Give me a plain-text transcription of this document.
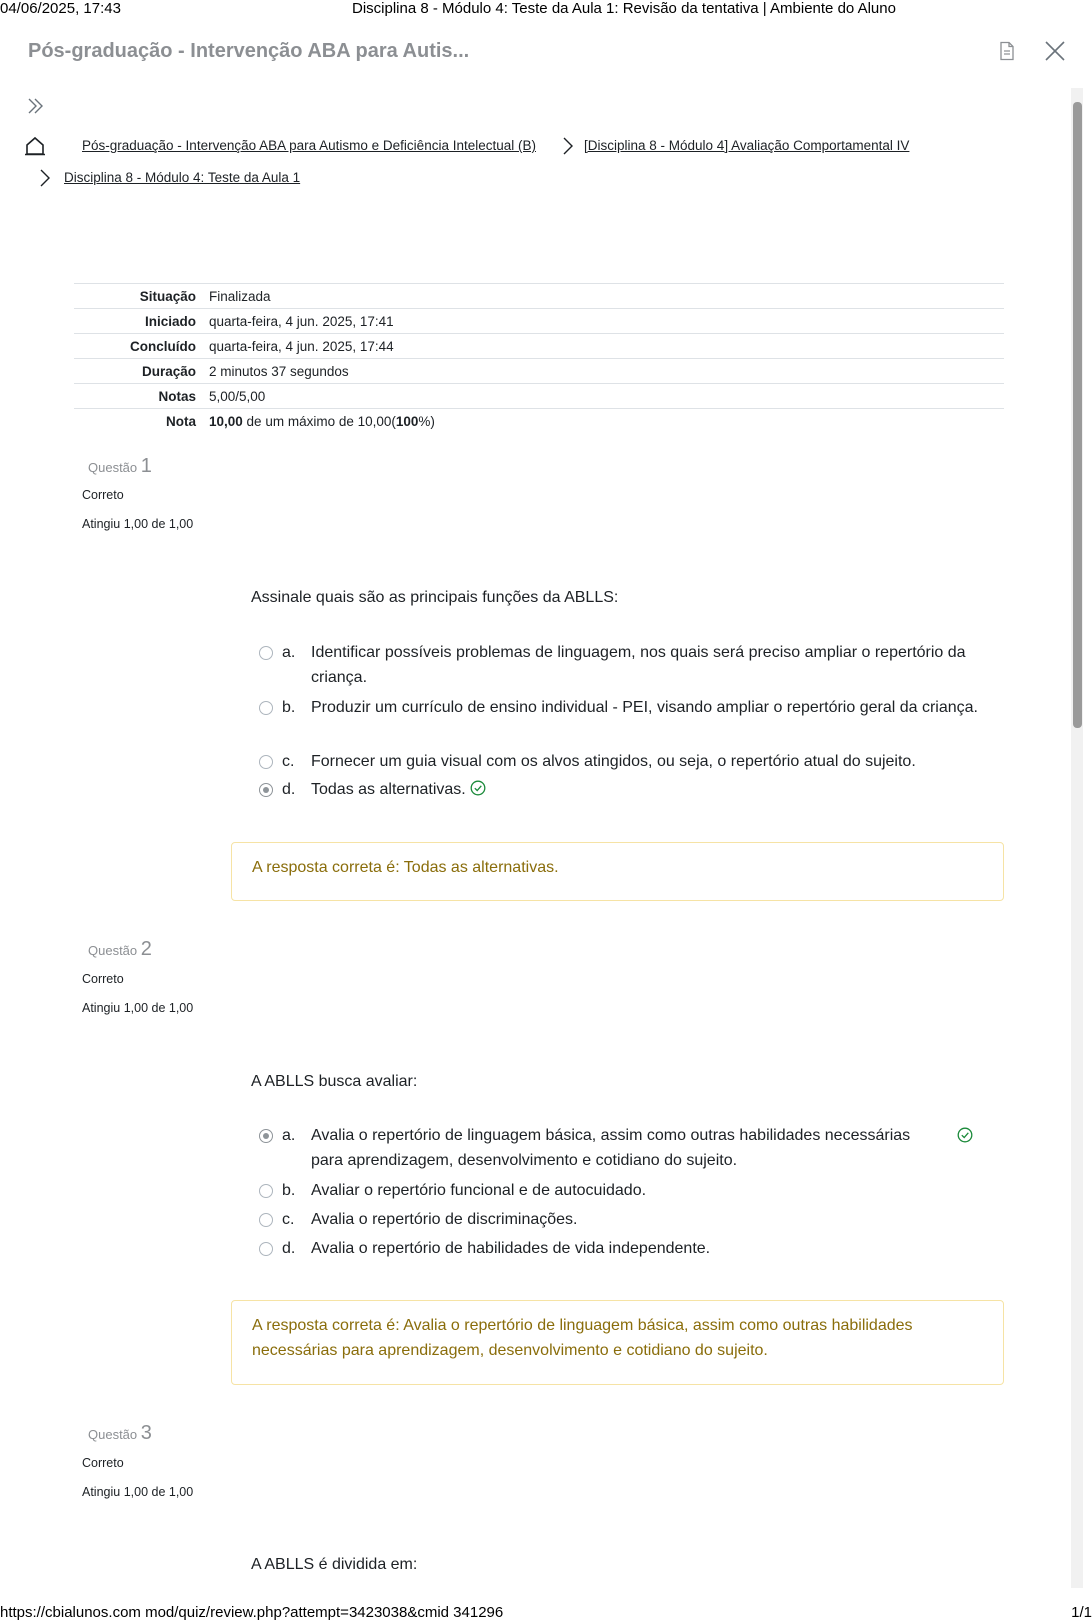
04/06/2025, 17:43	Disciplina 8 - Módulo 4: Teste da Aula 1: Revisão da tentativa | Ambiente do Aluno
https://cbialunos.com mod/quiz/review.php?attempt=3423038&cmid 341296	1/1
Pós-graduação - Intervenção ABA para Autis...
Pós-graduação - Intervenção ABA para Autismo e Deficiência Intelectual (B)	[Disciplina 8 - Módulo 4] Avaliação Comportamental IV
Disciplina 8 - Módulo 4: Teste da Aula 1
Situação	Finalizada
Iniciado	quarta-feira, 4 jun. 2025, 17:41
Concluído	quarta-feira, 4 jun. 2025, 17:44
Duração	2 minutos 37 segundos
Notas	5,00/5,00
Nota	10,00 de um máximo de 10,00(100%)
Questão 1
Correto
Atingiu 1,00 de 1,00
Assinale quais são as principais funções da ABLLS:
a. Identificar possíveis problemas de linguagem, nos quais será preciso ampliar o repertório da criança.
b. Produzir um currículo de ensino individual - PEI, visando ampliar o repertório geral da criança.
c. Fornecer um guia visual com os alvos atingidos, ou seja, o repertório atual do sujeito.
d. Todas as alternativas.
A resposta correta é: Todas as alternativas.
Questão 2
Correto
Atingiu 1,00 de 1,00
A ABLLS busca avaliar:
a. Avalia o repertório de linguagem básica, assim como outras habilidades necessárias para aprendizagem, desenvolvimento e cotidiano do sujeito.
b. Avaliar o repertório funcional e de autocuidado.
c. Avalia o repertório de discriminações.
d. Avalia o repertório de habilidades de vida independente.
A resposta correta é: Avalia o repertório de linguagem básica, assim como outras habilidades necessárias para aprendizagem, desenvolvimento e cotidiano do sujeito.
Questão 3
Correto
Atingiu 1,00 de 1,00
A ABLLS é dividida em:
